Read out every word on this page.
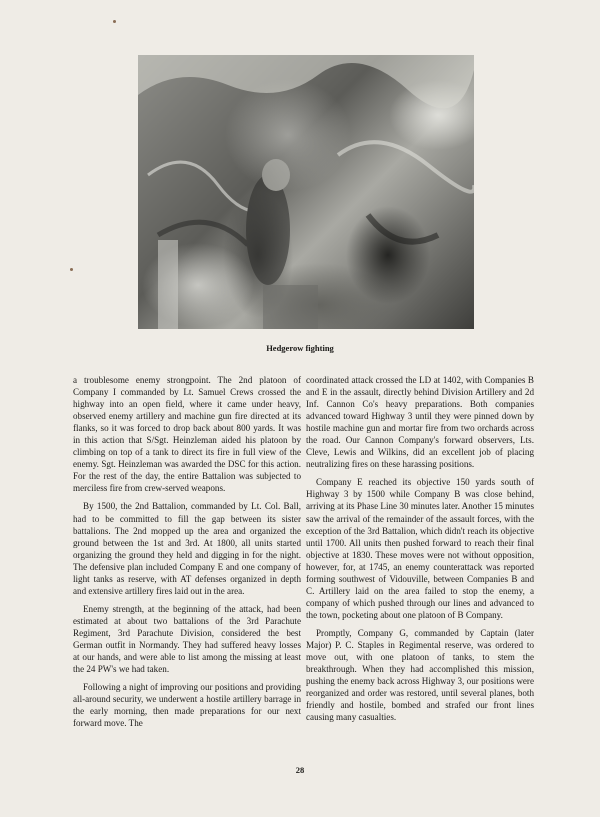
Hedgerow fighting

a troublesome enemy strongpoint. The 2nd platoon of Company I commanded by Lt. Samuel Crews crossed the highway into an open field, where it came under heavy, observed enemy artillery and machine gun fire directed at its flanks, so it was forced to drop back about 800 yards. It was in this action that S/Sgt. Heinzleman aided his platoon by climbing on top of a tank to direct its fire in full view of the enemy. Sgt. Heinzleman was awarded the DSC for this action. For the rest of the day, the entire Battalion was subjected to merciless fire from crew-served weapons.

By 1500, the 2nd Battalion, commanded by Lt. Col. Ball, had to be committed to fill the gap between its sister battalions. The 2nd mopped up the area and organized the ground between the 1st and 3rd. At 1800, all units started organizing the ground they held and digging in for the night. The defensive plan included Company E and one company of light tanks as reserve, with AT defenses organized in depth and extensive artillery fires laid out in the area.

Enemy strength, at the beginning of the attack, had been estimated at about two battalions of the 3rd Parachute Regiment, 3rd Parachute Division, considered the best German outfit in Normandy. They had suffered heavy losses at our hands, and were able to list among the missing at least the 24 PW's we had taken.

Following a night of improving our positions and providing all-around security, we underwent a hostile artillery barrage in the early morning, then made preparations for our next forward move. The

coordinated attack crossed the LD at 1402, with Companies B and E in the assault, directly behind Division Artillery and 2d Inf. Cannon Co's heavy preparations. Both companies advanced toward Highway 3 until they were pinned down by hostile machine gun and mortar fire from two orchards across the road. Our Cannon Company's forward observers, Lts. Cleve, Lewis and Wilkins, did an excellent job of placing neutralizing fires on these harassing positions.

Company E reached its objective 150 yards south of Highway 3 by 1500 while Company B was close behind, arriving at its Phase Line 30 minutes later. Another 15 minutes saw the arrival of the remainder of the assault forces, with the exception of the 3rd Battalion, which didn't reach its objective until 1700. All units then pushed forward to reach their final objective at 1830. These moves were not without opposition, however, for, at 1745, an enemy counterattack was reported forming southwest of Vidouville, between Companies B and C. Artillery laid on the area failed to stop the enemy, a company of which pushed through our lines and advanced to the town, pocketing about one platoon of B Company.

Promptly, Company G, commanded by Captain (later Major) P. C. Staples in Regimental reserve, was ordered to move out, with one platoon of tanks, to stem the breakthrough. When they had accomplished this mission, pushing the enemy back across Highway 3, our positions were reorganized and order was restored, until several planes, both friendly and hostile, bombed and strafed our front lines causing many casualties.

28
